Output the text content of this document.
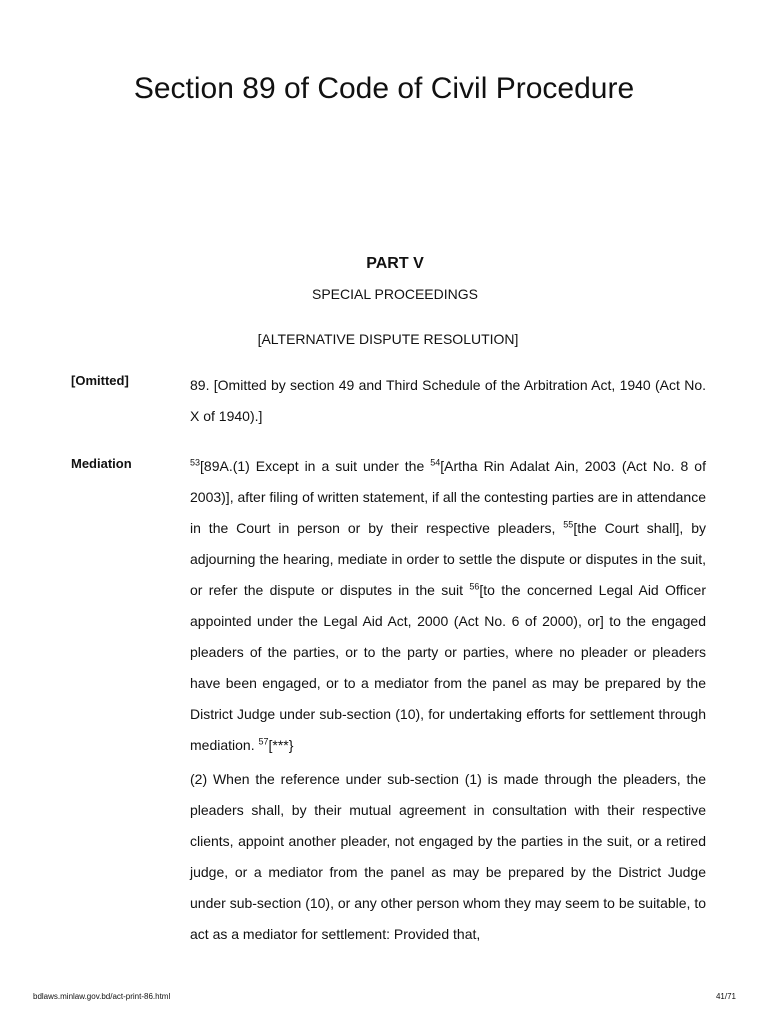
Section 89 of Code of Civil Procedure
PART V
SPECIAL PROCEEDINGS
[ALTERNATIVE DISPUTE RESOLUTION]
[Omitted]	89. [Omitted by section 49 and Third Schedule of the Arbitration Act, 1940 (Act No. X of 1940).]

Mediation	$^{53}$[89A.(1) Except in a suit under the $^{54}$[Artha Rin Adalat Ain, 2003 (Act No. 8 of 2003)], after filing of written statement, if all the contesting parties are in attendance in the Court in person or by their respective pleaders, $^{55}$[the Court shall], by adjourning the hearing, mediate in order to settle the dispute or disputes in the suit, or refer the dispute or disputes in the suit $^{56}$[to the concerned Legal Aid Officer appointed under the Legal Aid Act, 2000 (Act No. 6 of 2000), or] to the engaged pleaders of the parties, or to the party or parties, where no pleader or pleaders have been engaged, or to a mediator from the panel as may be prepared by the District Judge under sub-section (10), for undertaking efforts for settlement through mediation. $^{57}$[***}

(2) When the reference under sub-section (1) is made through the pleaders, the pleaders shall, by their mutual agreement in consultation with their respective clients, appoint another pleader, not engaged by the parties in the suit, or a retired judge, or a mediator from the panel as may be prepared by the District Judge under sub-section (10), or any other person whom they may seem to be suitable, to act as a mediator for settlement: Provided that,

bdlaws.minlaw.gov.bd/act-print-86.html	41/71
